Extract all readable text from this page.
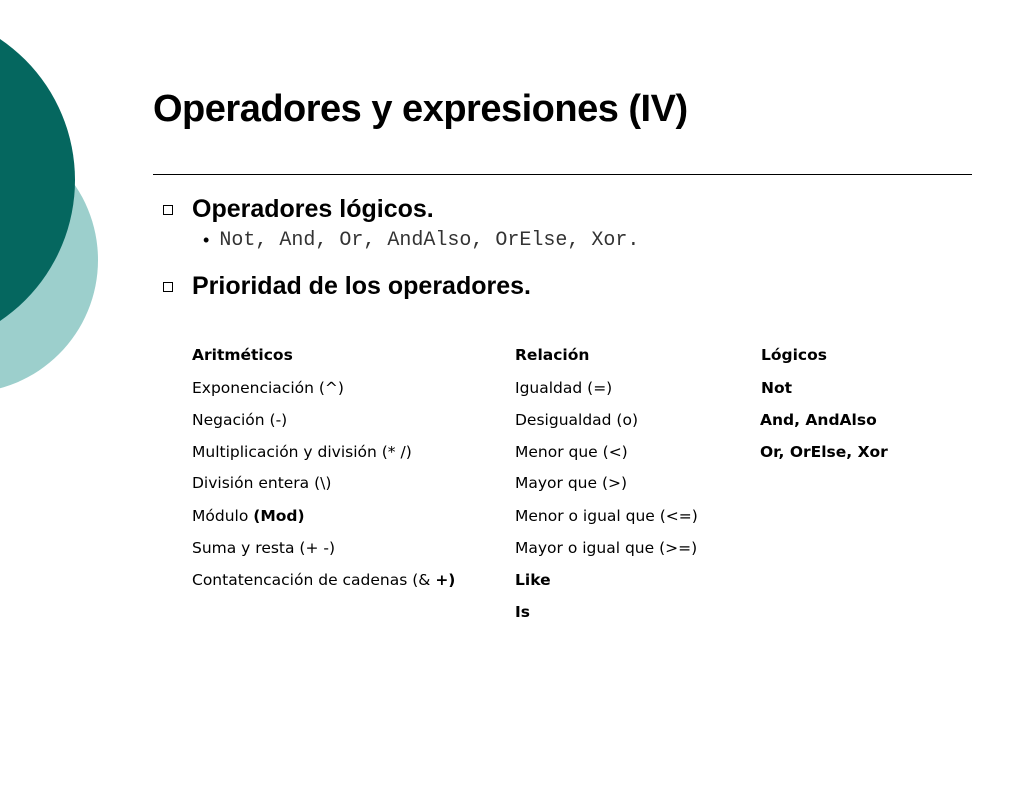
Operadores y expresiones (IV)
Operadores lógicos.
• Not, And, Or, AndAlso, OrElse, Xor.
Prioridad de los operadores.
Aritméticos	Relación	Lógicos
Exponenciación (^)
Negación (-)
Multiplicación y división (* /)
División entera (\)
Módulo (Mod)
Suma y resta (+ -)
Contatencación de cadenas (& +)
Igualdad (=)
Desigualdad (o)
Menor que (<)
Mayor que (>)
Menor o igual que (<=)
Mayor o igual que (>=)
Like
Is
Not
And, AndAlso
Or, OrElse, Xor
